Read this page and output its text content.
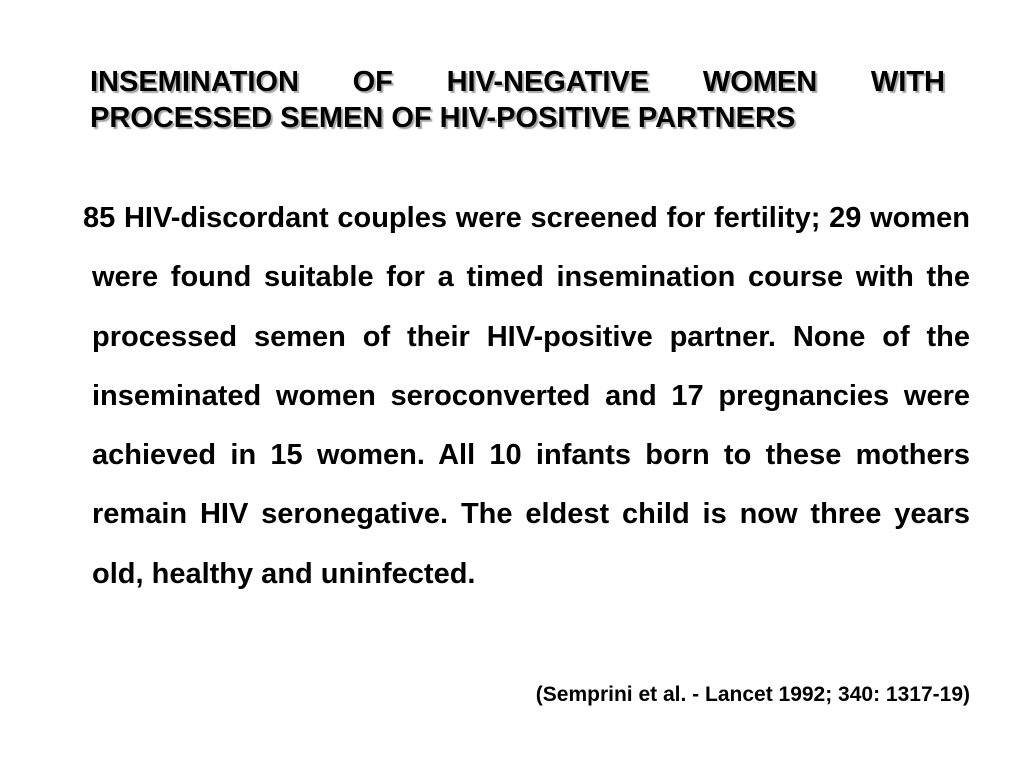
INSEMINATION OF HIV-NEGATIVE WOMEN WITH
PROCESSED SEMEN OF HIV-POSITIVE PARTNERS

85 HIV-discordant couples were screened for fertility; 29 women were found suitable for a timed insemination course with the processed semen of their HIV-positive partner. None of the inseminated women seroconverted and 17 pregnancies were achieved in 15 women. All 10 infants born to these mothers remain HIV seronegative. The eldest child is now three years old, healthy and uninfected.

(Semprini et al. - Lancet 1992; 340: 1317-19)
